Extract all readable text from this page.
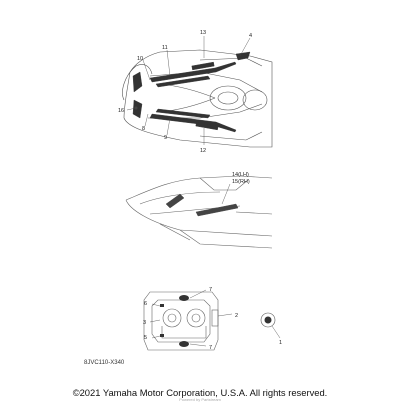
13	4
11
10
16
8
9
12
14(LH)
15(RH)
7
7
6
3
5
2
1
8JVC110-X340
©2021 Yamaha Motor Corporation, U.S.A. All rights reserved.
Powered by Partstream
